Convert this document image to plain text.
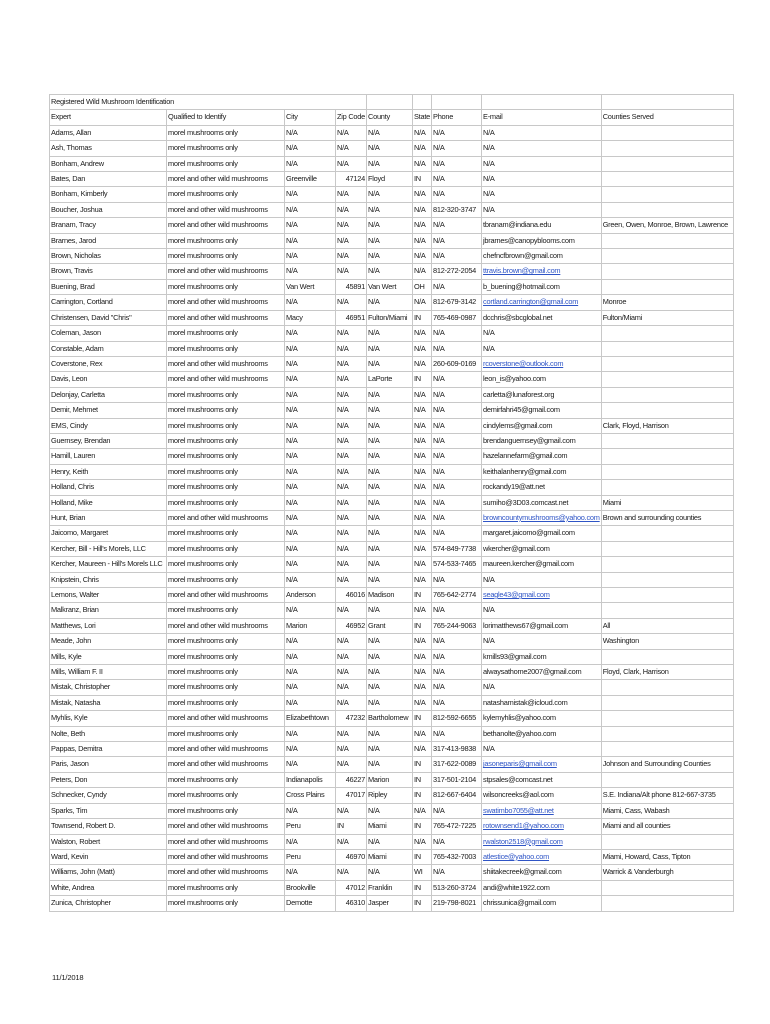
Registered Wild Mushroom Identification								
Expert	Qualified to Identify	City	Zip Code	County	State	Phone	E-mail	Counties Served
Adams, Allan	morel mushrooms only	N/A	N/A	N/A	N/A	N/A	N/A	
Ash, Thomas	morel mushrooms only	N/A	N/A	N/A	N/A	N/A	N/A	
Bonham, Andrew	morel mushrooms only	N/A	N/A	N/A	N/A	N/A	N/A	
Bates, Dan	morel and other wild mushrooms	Greenville	47124	Floyd	IN	N/A	N/A	
Bonham, Kimberly	morel mushrooms only	N/A	N/A	N/A	N/A	N/A	N/A	
Boucher, Joshua	morel and other wild mushrooms	N/A	N/A	N/A	N/A	812-320-3747	N/A	
Branam, Tracy	morel and other wild mushrooms	N/A	N/A	N/A	N/A	N/A	tbranam@indiana.edu	Green, Owen, Monroe, Brown, Lawrence
Brarnes, Jarod	morel mushrooms only	N/A	N/A	N/A	N/A	N/A	jbrarnes@canopyblooms.com	
Brown, Nicholas	morel mushrooms only	N/A	N/A	N/A	N/A	N/A	chefncfbrown@gmail.com	
Brown, Travis	morel and other wild mushrooms	N/A	N/A	N/A	N/A	812-272-2054	ttravis.brown@gmail.com	
Buening, Brad	morel mushrooms only	Van Wert	45891	Van Wert	OH	N/A	b_buening@hotmail.com	
Carrington, Cortland	morel and other wild mushrooms	N/A	N/A	N/A	N/A	812-679-3142	cortland.carrington@gmail.com	Monroe
Christensen, David "Chris"	morel and other wild mushrooms	Macy	46951	Fulton/Miami	IN	765-469-0987	dcchris@sbcglobal.net	Fulton/Miami
Coleman, Jason	morel mushrooms only	N/A	N/A	N/A	N/A	N/A	N/A	
Constable, Adam	morel mushrooms only	N/A	N/A	N/A	N/A	N/A	N/A	
Coverstone, Rex	morel and other wild mushrooms	N/A	N/A	N/A	N/A	260-609-0169	rcoverstone@outlook.com	
Davis, Leon	morel and other wild mushrooms	N/A	N/A	LaPorte	IN	N/A	leon_is@yahoo.com	
Delonjay, Carletta	morel mushrooms only	N/A	N/A	N/A	N/A	N/A	carletta@lunaforest.org	
Demir, Mehmet	morel mushrooms only	N/A	N/A	N/A	N/A	N/A	demirfahri45@gmail.com	
EMS, Cindy	morel mushrooms only	N/A	N/A	N/A	N/A	N/A	cindylems@gmail.com	Clark, Floyd, Harrison
Guernsey, Brendan	morel mushrooms only	N/A	N/A	N/A	N/A	N/A	brendanguernsey@gmail.com	
Hamill, Lauren	morel mushrooms only	N/A	N/A	N/A	N/A	N/A	hazelannefarm@gmail.com	
Henry, Keith	morel mushrooms only	N/A	N/A	N/A	N/A	N/A	keithalanhenry@gmail.com	
Holland, Chris	morel mushrooms only	N/A	N/A	N/A	N/A	N/A	rockandy19@att.net	
Holland, Mike	morel mushrooms only	N/A	N/A	N/A	N/A	N/A	sumiho@3D03.comcast.net	Miami
Hunt, Brian	morel and other wild mushrooms	N/A	N/A	N/A	N/A	N/A	browncountymushrooms@yahoo.com	Brown and surrounding counties
Jaicomo, Margaret	morel mushrooms only	N/A	N/A	N/A	N/A	N/A	margaret.jaicomo@gmail.com	
Kercher, Bill - Hill's Morels, LLC	morel mushrooms only	N/A	N/A	N/A	N/A	574-849-7738	wkercher@gmail.com	
Kercher, Maureen - Hill's Morels LLC	morel mushrooms only	N/A	N/A	N/A	N/A	574-533-7465	maureen.kercher@gmail.com	
Knipstein, Chris	morel mushrooms only	N/A	N/A	N/A	N/A	N/A	N/A	
Lemons, Walter	morel and other wild mushrooms	Anderson	46016	Madison	IN	765-642-2774	seagle43@gmail.com	
Malkranz, Brian	morel mushrooms only	N/A	N/A	N/A	N/A	N/A	N/A	
Matthews, Lori	morel and other wild mushrooms	Marion	46952	Grant	IN	765-244-9063	lorimatthews67@gmail.com	All
Meade, John	morel mushrooms only	N/A	N/A	N/A	N/A	N/A	N/A	Washington
Mills, Kyle	morel mushrooms only	N/A	N/A	N/A	N/A	N/A	kmills93@gmail.com	
Mills, William F. II	morel mushrooms only	N/A	N/A	N/A	N/A	N/A	alwaysathome2007@gmail.com	Floyd, Clark, Harrison
Mistak, Christopher	morel mushrooms only	N/A	N/A	N/A	N/A	N/A	N/A	
Mistak, Natasha	morel mushrooms only	N/A	N/A	N/A	N/A	N/A	natashamistak@icloud.com	
Myhlis, Kyle	morel and other wild mushrooms	Elizabethtown	47232	Bartholomew	IN	812-592-6655	kylemyhlis@yahoo.com	
Nolte, Beth	morel mushrooms only	N/A	N/A	N/A	N/A	N/A	bethanolte@yahoo.com	
Pappas, Demitra	morel and other wild mushrooms	N/A	N/A	N/A	N/A	317-413-9838	N/A	
Paris, Jason	morel and other wild mushrooms	N/A	N/A	N/A	IN	317-622-0089	jasoneparis@gmail.com	Johnson and Surrounding Counties
Peters, Don	morel mushrooms only	Indianapolis	46227	Marion	IN	317-501-2104	stpsales@comcast.net	
Schnecker, Cyndy	morel mushrooms only	Cross Plains	47017	Ripley	IN	812-667-6404	wilsoncreeks@aol.com	S.E. Indiana/Alt phone 812-667-3735
Sparks, Tim	morel mushrooms only	N/A	N/A	N/A	N/A	N/A	swatimbo7055@att.net	Miami, Cass, Wabash
Townsend, Robert D.	morel and other wild mushrooms	Peru	IN	Miami	IN	765-472-7225	rotownsend1@yahoo.com	Miami and all counties
Walston, Robert	morel and other wild mushrooms	N/A	N/A	N/A	N/A	N/A	rwalston2518@gmail.com	
Ward, Kevin	morel and other wild mushrooms	Peru	46970	Miami	IN	765-432-7003	atlestice@yahoo.com	Miami, Howard, Cass, Tipton
Williams, John (Matt)	morel and other wild mushrooms	N/A	N/A	N/A	WI	N/A	shiitakecreek@gmail.com	Warrick & Vanderburgh
White, Andrea	morel mushrooms only	Brookville	47012	Franklin	IN	513-260-3724	andi@white1922.com	
Zunica, Christopher	morel mushrooms only	Demotte	46310	Jasper	IN	219-798-8021	chrissunica@gmail.com	
11/1/2018
